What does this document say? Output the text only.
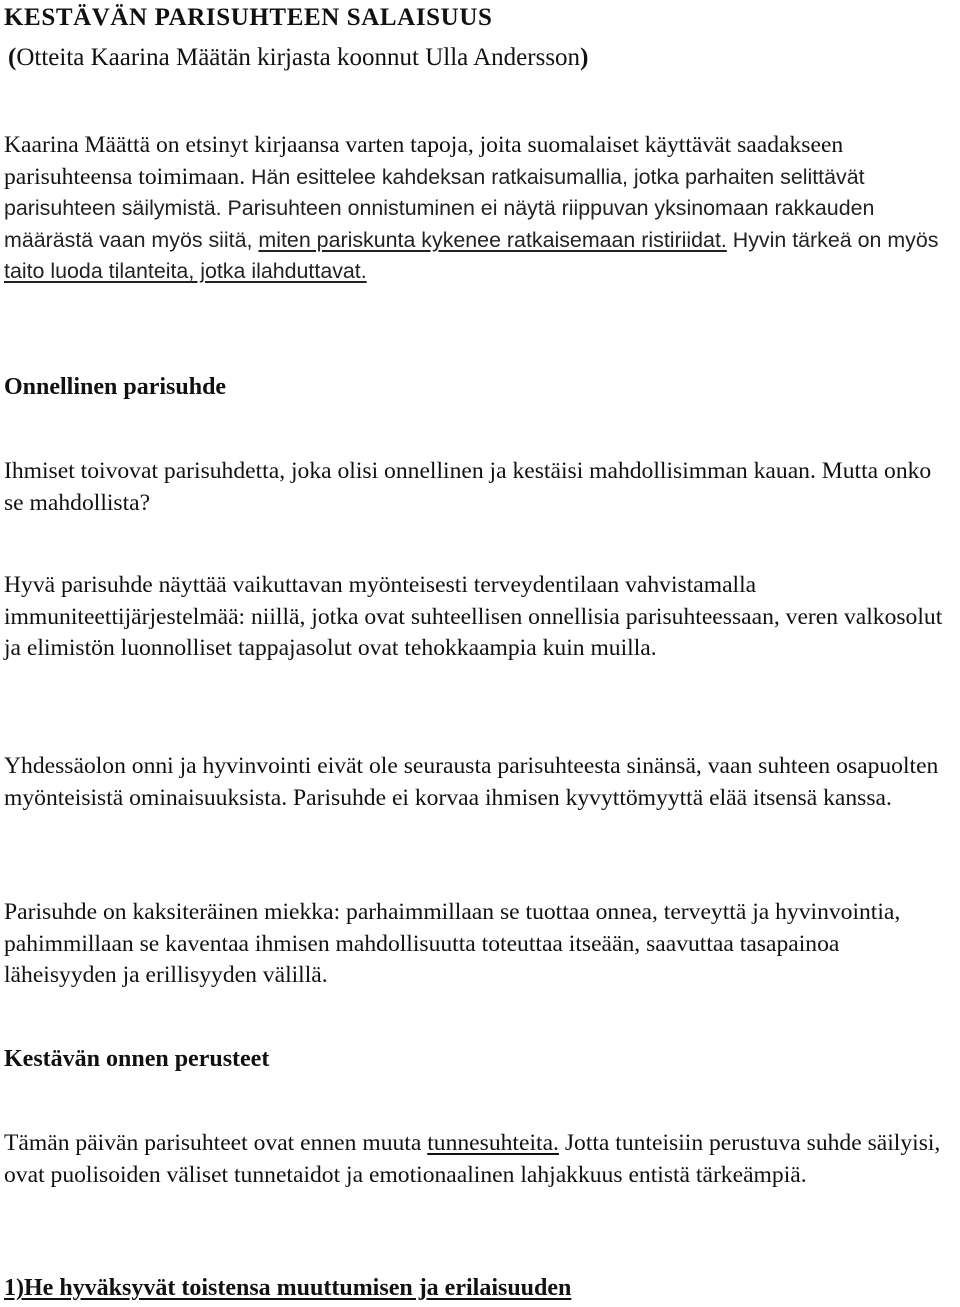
KESTÄVÄN PARISUHTEEN SALAISUUS
(Otteita Kaarina Määtän kirjasta koonnut Ulla Andersson)

Kaarina Määttä on etsinyt kirjaansa varten tapoja, joita suomalaiset käyttävät saadakseen parisuhteensa toimimaan. Hän esittelee kahdeksan ratkaisumallia, jotka parhaiten selittävät parisuhteen säilymistä. Parisuhteen onnistuminen ei näytä riippuvan yksinomaan rakkauden määrästä vaan myös siitä, miten pariskunta kykenee ratkaisemaan ristiriidat. Hyvin tärkeä on myös taito luoda tilanteita, jotka ilahduttavat.

Onnellinen parisuhde

Ihmiset toivovat parisuhdetta, joka olisi onnellinen ja kestäisi mahdollisimman kauan. Mutta onko se mahdollista?

Hyvä parisuhde näyttää vaikuttavan myönteisesti terveydentilaan vahvistamalla immuniteettijärjestelmää: niillä, jotka ovat suhteellisen onnellisia parisuhteessaan, veren valkosolut ja elimistön luonnolliset tappajasolut ovat tehokkaampia kuin muilla.

Yhdessäolon onni ja hyvinvointi eivät ole seurausta parisuhteesta sinänsä, vaan suhteen osapuolten myönteisistä ominaisuuksista. Parisuhde ei korvaa ihmisen kyvyttömyyttä elää itsensä kanssa.

Parisuhde on kaksiteräinen miekka: parhaimmillaan se tuottaa onnea, terveyttä ja hyvinvointia, pahimmillaan se kaventaa ihmisen mahdollisuutta toteuttaa itseään, saavuttaa tasapainoa läheisyyden ja erillisyyden välillä.

Kestävän onnen perusteet

Tämän päivän parisuhteet ovat ennen muuta tunnesuhteita. Jotta tunteisiin perustuva suhde säilyisi, ovat puolisoiden väliset tunnetaidot ja emotionaalinen lahjakkuus entistä tärkeämpiä.

1)He hyväksyvät toistensa muuttumisen ja erilaisuuden
